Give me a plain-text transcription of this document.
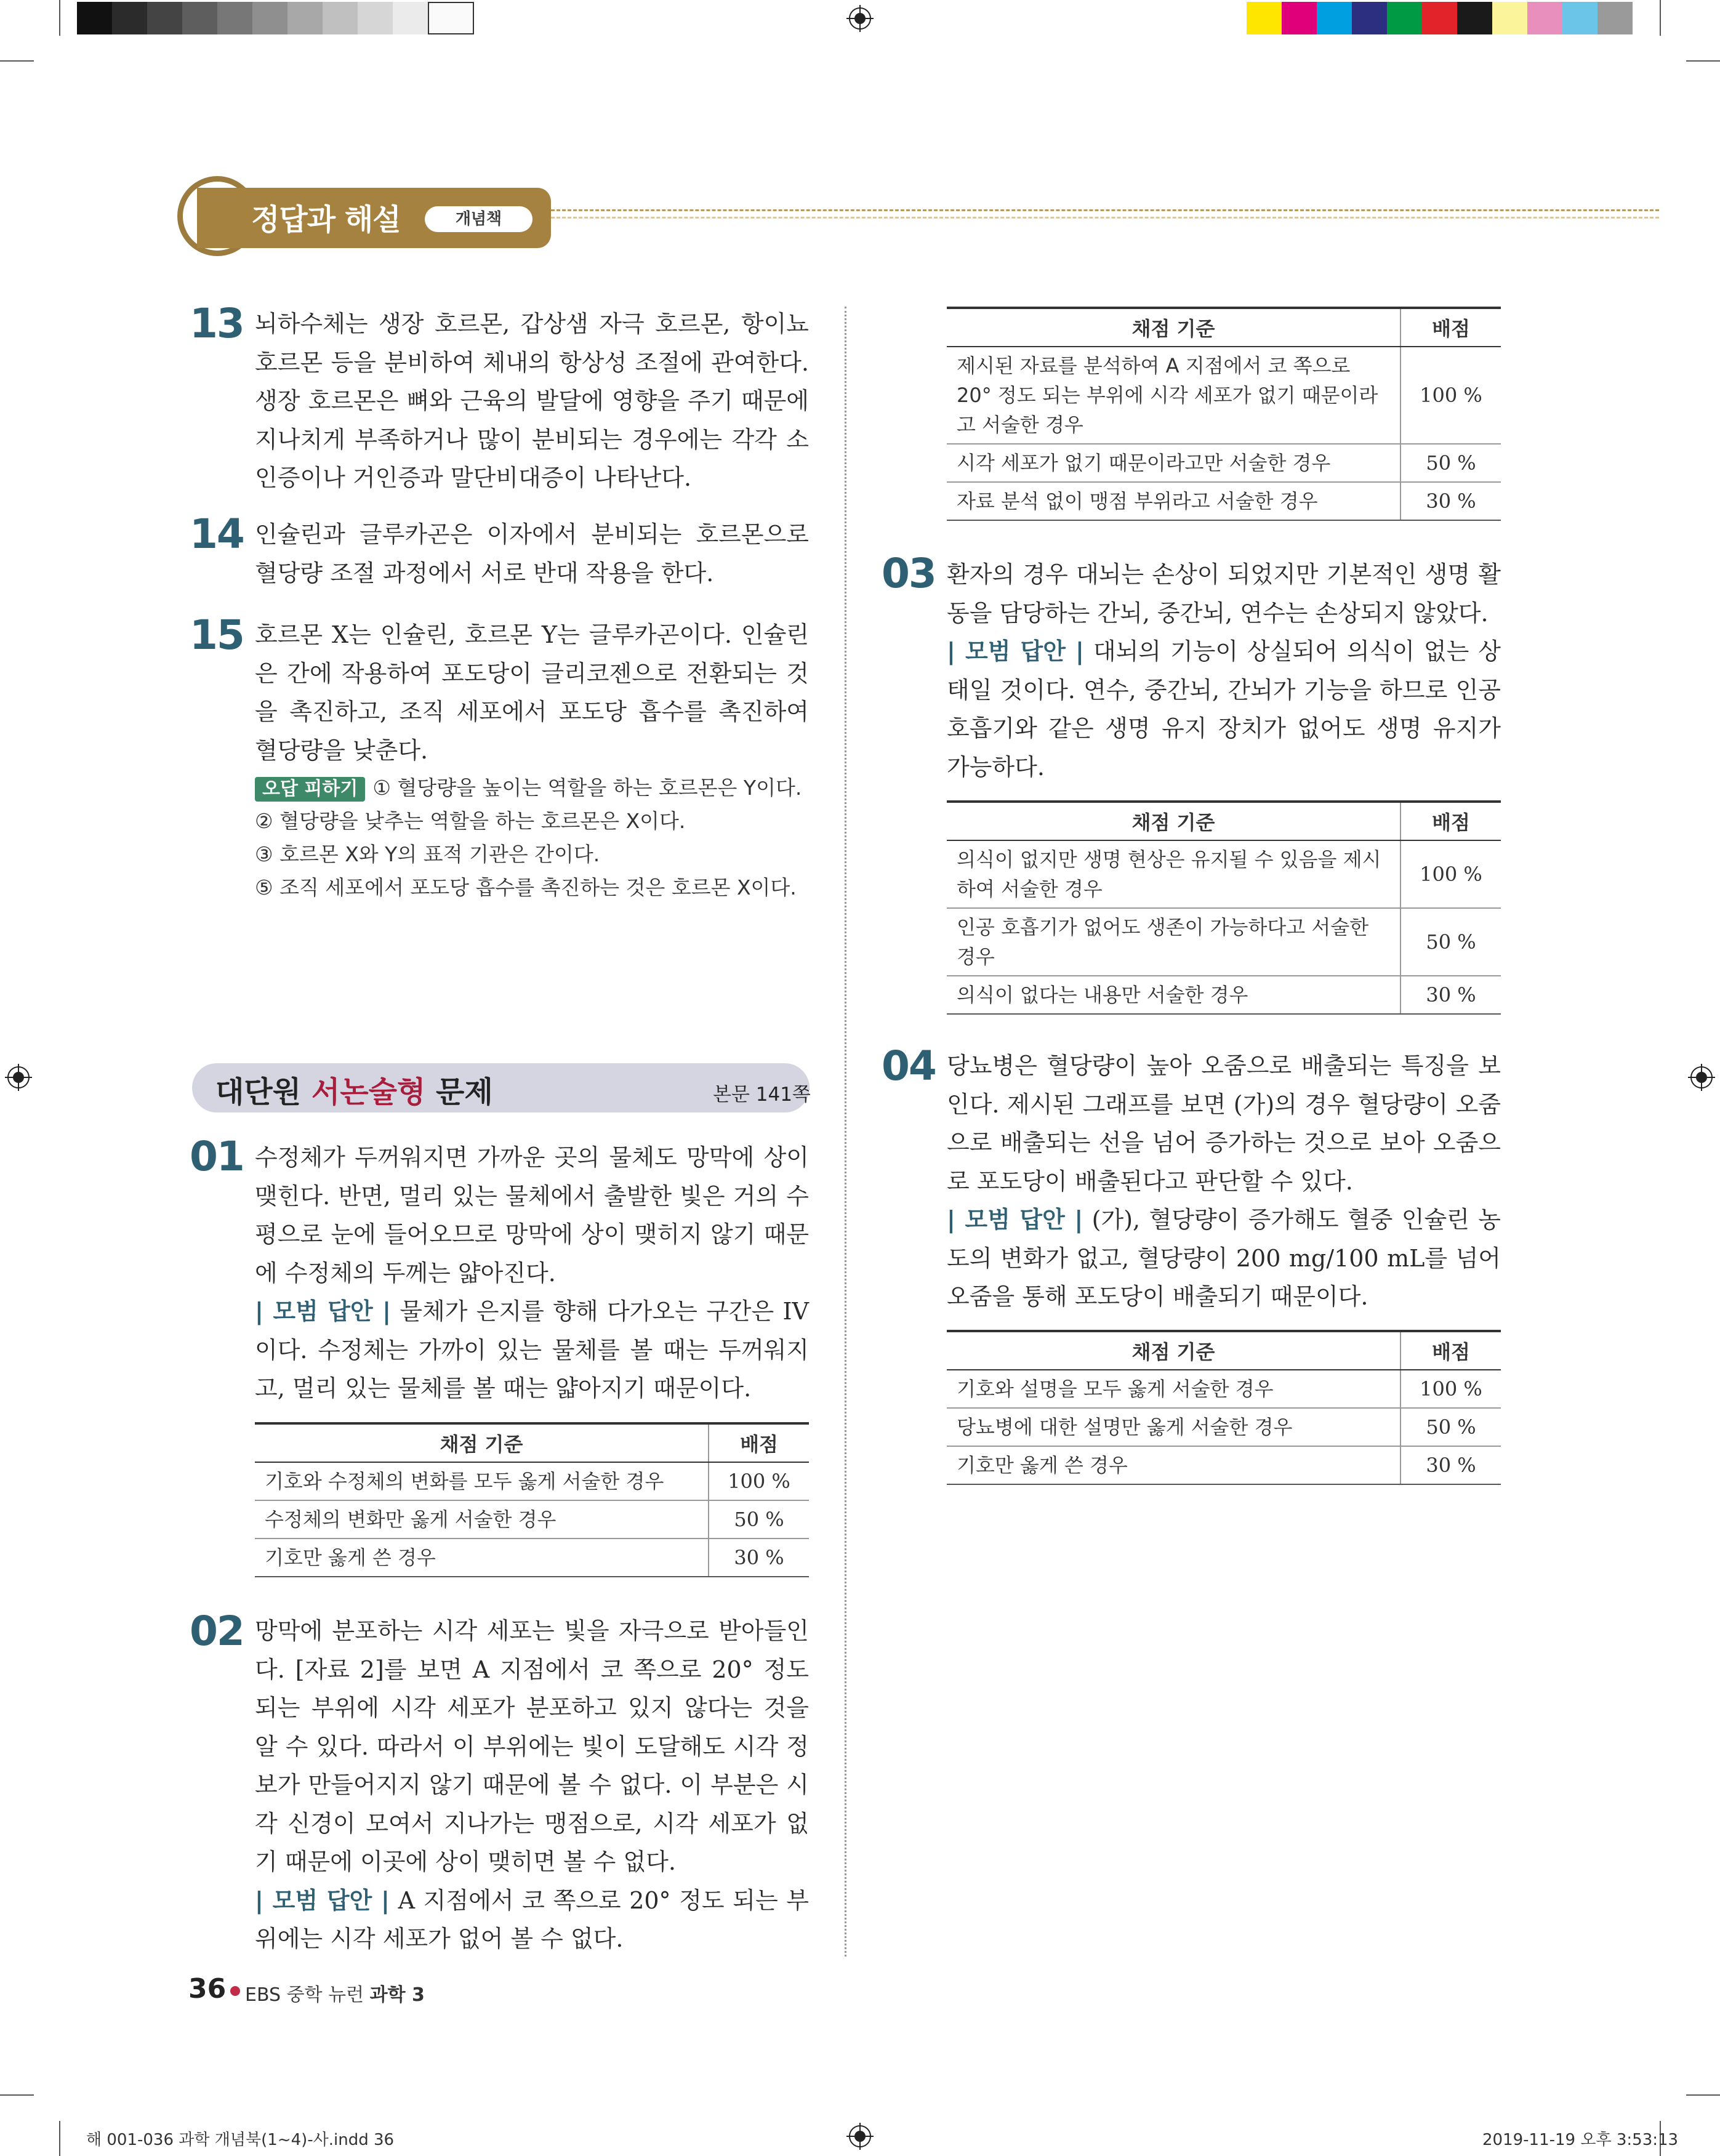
정답과 해설	개념책
13 뇌하수체는 생장 호르몬, 갑상샘 자극 호르몬, 항이뇨 호르몬 등을 분비하여 체내의 항상성 조절에 관여한다. 생장 호르몬은 뼈와 근육의 발달에 영향을 주기 때문에 지나치게 부족하거나 많이 분비되는 경우에는 각각 소인증이나 거인증과 말단비대증이 나타난다.
14 인슐린과 글루카곤은 이자에서 분비되는 호르몬으로 혈당량 조절 과정에서 서로 반대 작용을 한다.
15 호르몬 X는 인슐린, 호르몬 Y는 글루카곤이다. 인슐린은 간에 작용하여 포도당이 글리코젠으로 전환되는 것을 촉진하고, 조직 세포에서 포도당 흡수를 촉진하여 혈당량을 낮춘다.
오답 피하기 ① 혈당량을 높이는 역할을 하는 호르몬은 Y이다.
② 혈당량을 낮추는 역할을 하는 호르몬은 X이다.
③ 호르몬 X와 Y의 표적 기관은 간이다.
⑤ 조직 세포에서 포도당 흡수를 촉진하는 것은 호르몬 X이다.
대단원 서논술형 문제	본문 141쪽
01 수정체가 두꺼워지면 가까운 곳의 물체도 망막에 상이 맺힌다. 반면, 멀리 있는 물체에서 출발한 빛은 거의 수평으로 눈에 들어오므로 망막에 상이 맺히지 않기 때문에 수정체의 두께는 얇아진다.
| 모범 답안 | 물체가 은지를 향해 다가오는 구간은 IV이다. 수정체는 가까이 있는 물체를 볼 때는 두꺼워지고, 멀리 있는 물체를 볼 때는 얇아지기 때문이다.
채점 기준	배점
기호와 수정체의 변화를 모두 옳게 서술한 경우	100 %
수정체의 변화만 옳게 서술한 경우	50 %
기호만 옳게 쓴 경우	30 %
02 망막에 분포하는 시각 세포는 빛을 자극으로 받아들인다. [자료 2]를 보면 A 지점에서 코 쪽으로 20° 정도 되는 부위에 시각 세포가 분포하고 있지 않다는 것을 알 수 있다. 따라서 이 부위에는 빛이 도달해도 시각 정보가 만들어지지 않기 때문에 볼 수 없다. 이 부분은 시각 신경이 모여서 지나가는 맹점으로, 시각 세포가 없기 때문에 이곳에 상이 맺히면 볼 수 없다.
| 모범 답안 | A 지점에서 코 쪽으로 20° 정도 되는 부위에는 시각 세포가 없어 볼 수 없다.
채점 기준	배점
제시된 자료를 분석하여 A 지점에서 코 쪽으로 20° 정도 되는 부위에 시각 세포가 없기 때문이라고 서술한 경우	100 %
시각 세포가 없기 때문이라고만 서술한 경우	50 %
자료 분석 없이 맹점 부위라고 서술한 경우	30 %
03 환자의 경우 대뇌는 손상이 되었지만 기본적인 생명 활동을 담당하는 간뇌, 중간뇌, 연수는 손상되지 않았다.
| 모범 답안 | 대뇌의 기능이 상실되어 의식이 없는 상태일 것이다. 연수, 중간뇌, 간뇌가 기능을 하므로 인공 호흡기와 같은 생명 유지 장치가 없어도 생명 유지가 가능하다.
채점 기준	배점
의식이 없지만 생명 현상은 유지될 수 있음을 제시하여 서술한 경우	100 %
인공 호흡기가 없어도 생존이 가능하다고 서술한 경우	50 %
의식이 없다는 내용만 서술한 경우	30 %
04 당뇨병은 혈당량이 높아 오줌으로 배출되는 특징을 보인다. 제시된 그래프를 보면 (가)의 경우 혈당량이 오줌으로 배출되는 선을 넘어 증가하는 것으로 보아 오줌으로 포도당이 배출된다고 판단할 수 있다.
| 모범 답안 | (가), 혈당량이 증가해도 혈중 인슐린 농도의 변화가 없고, 혈당량이 200 mg/100 mL를 넘어 오줌을 통해 포도당이 배출되기 때문이다.
채점 기준	배점
기호와 설명을 모두 옳게 서술한 경우	100 %
당뇨병에 대한 설명만 옳게 서술한 경우	50 %
기호만 옳게 쓴 경우	30 %
36 EBS 중학 뉴런 과학 3
해 001-036 과학 개념북(1~4)-사.indd 36	2019-11-19 오후 3:53:13
